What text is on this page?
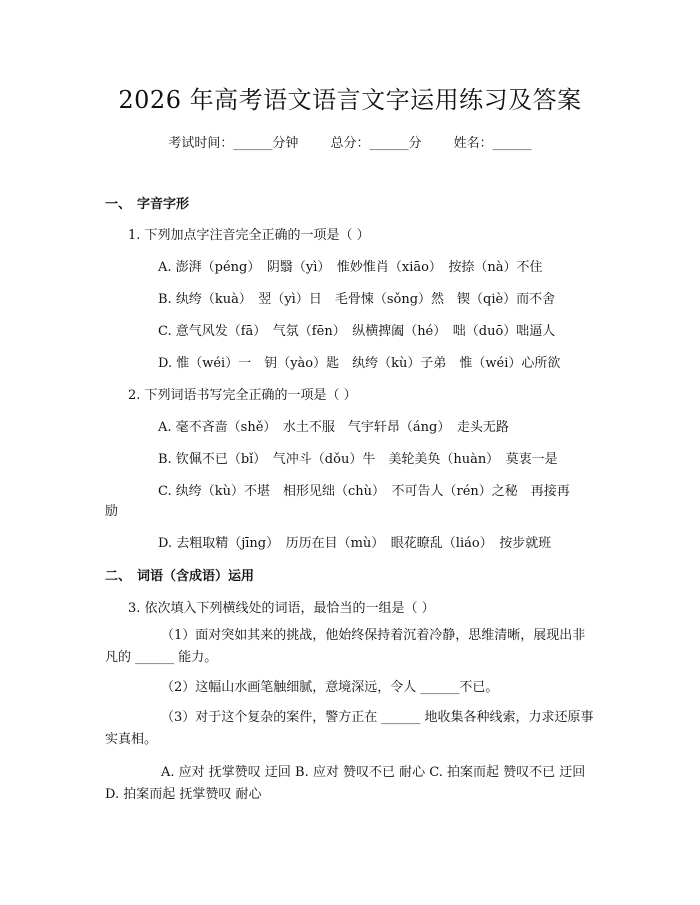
2026 年高考语文语言文字运用练习及答案
考试时间：______分钟 总分：______分 姓名：______
一、 字音字形
1. 下列加点字注音完全正确的一项是（ ）
A. 澎湃（péng）　阴翳（yì）　惟妙惟肖（xiāo）　按捺（nà）不住
B. 纨绔（kuà）　翌（yì）日　毛骨悚（sǒng）然　锲（qiè）而不舍
C. 意气风发（fā）　气氛（fēn）　纵横捭阖（hé）　咄（duō）咄逼人
D. 惟（wéi）一　钥（yào）匙　纨绔（kù）子弟　惟（wéi）心所欲
2. 下列词语书写完全正确的一项是（ ）
A. 毫不吝啬（shě）　水土不服　气宇轩昂（áng）　走头无路
B. 钦佩不已（bǐ）　气冲斗（dǒu）牛　美轮美奂（huàn）　莫衷一是
C. 纨绔（kù）不堪　相形见绌（chù）　不可告人（rén）之秘　再接再
励
D. 去粗取精（jīng）　历历在目（mù）　眼花瞭乱（liáo）　按步就班
二、 词语（含成语）运用
3. 依次填入下列横线处的词语，最恰当的一组是（ ）
（1）面对突如其来的挑战，他始终保持着沉着冷静，思维清晰，展现出非凡的 ______ 能力。
（2）这幅山水画笔触细腻，意境深远，令人 ______不已。
（3）对于这个复杂的案件，警方正在 ______ 地收集各种线索，力求还原事实真相。
A. 应对 抚掌赞叹 迂回 B. 应对 赞叹不已 耐心 C. 拍案而起 赞叹不已 迂回 D. 拍案而起 抚掌赞叹 耐心
